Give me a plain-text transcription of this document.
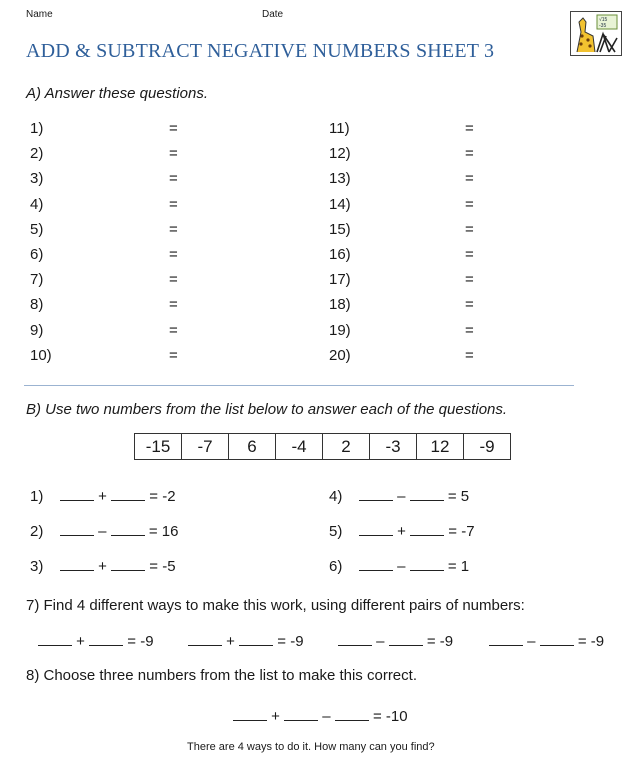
Name	Date
ADD & SUBTRACT NEGATIVE NUMBERS SHEET 3
√15
-35
A) Answer these questions.
1)	=
2)	=
3)	=
4)	=
5)	=
6)	=
7)	=
8)	=
9)	=
10)	=
11)	=
12)	=
13)	=
14)	=
15)	=
16)	=
17)	=
18)	=
19)	=
20)	=
B) Use two numbers from the list below to answer each of the questions.
-15	-7	6	-4	2	-3	12	-9
1)	+	= -2
2)	–	= 16
3)	+	= -5
4)	–	= 5
5)	+	= -7
6)	–	= 1
7) Find 4 different ways to make this work, using different pairs of numbers:
+	= -9	+	= -9	–	= -9	–	= -9
8) Choose three numbers from the list to make this correct.
+	–	= -10
There are 4 ways to do it. How many can you find?
